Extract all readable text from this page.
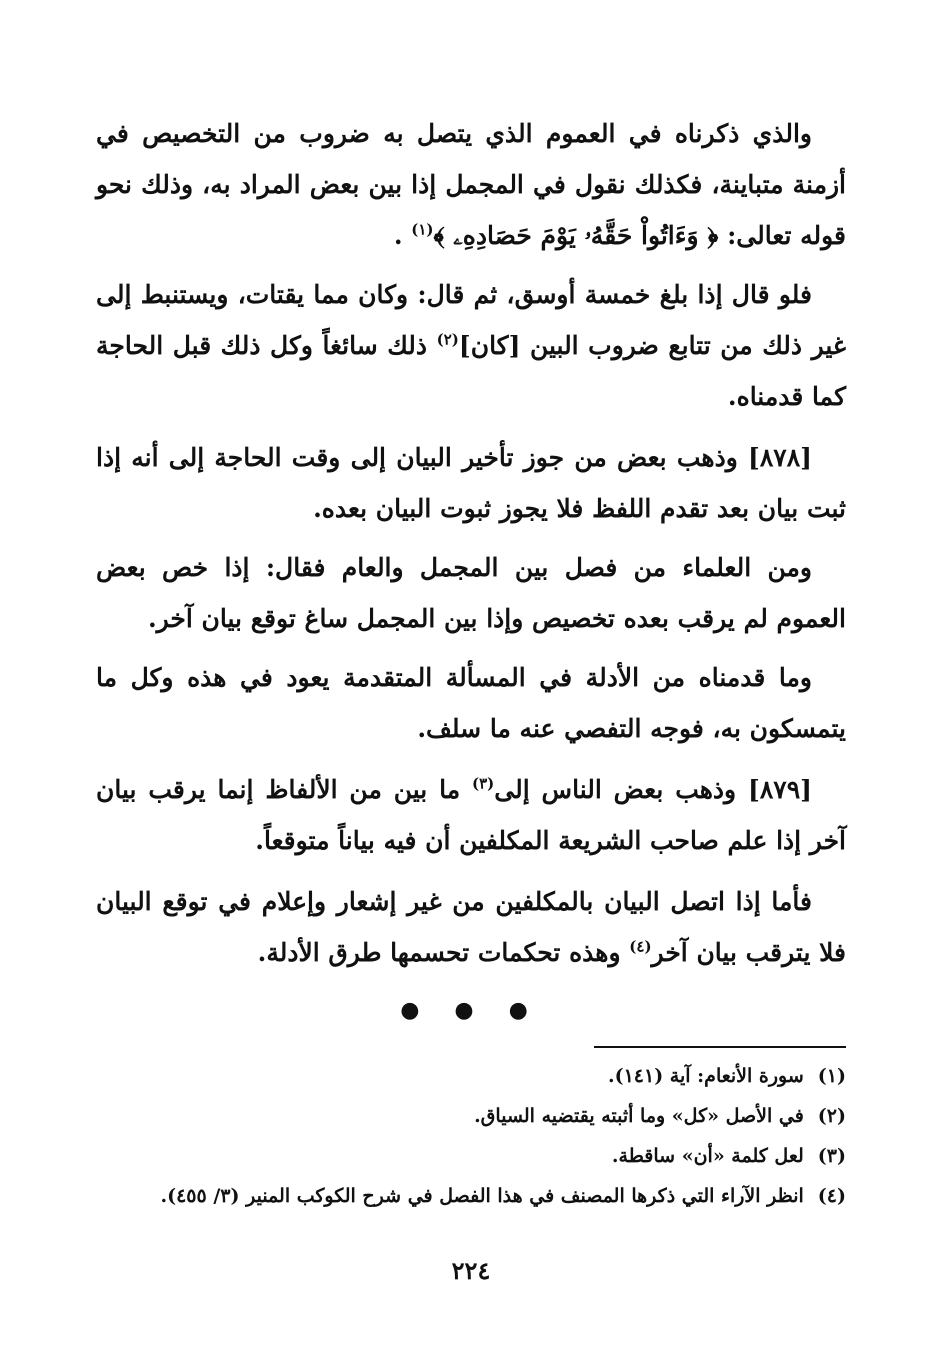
والذي ذكرناه في العموم الذي يتصل به ضروب من التخصيص في أزمنة متباينة، فكذلك نقول في المجمل إذا بين بعض المراد به، وذلك نحو قوله تعالى: ﴿ وَءَاتُواْ حَقَّهُۥ يَوْمَ حَصَادِهِۦ ﴾$^{(١)}$ .

فلو قال إذا بلغ خمسة أوسق، ثم قال: وكان مما يقتات، ويستنبط إلى غير ذلك من تتابع ضروب البين [كان]$^{(٢)}$ ذلك سائغاً وكل ذلك قبل الحاجة كما قدمناه.

[٨٧٨] وذهب بعض من جوز تأخير البيان إلى وقت الحاجة إلى أنه إذا ثبت بيان بعد تقدم اللفظ فلا يجوز ثبوت البيان بعده.

ومن العلماء من فصل بين المجمل والعام فقال: إذا خص بعض العموم لم يرقب بعده تخصيص وإذا بين المجمل ساغ توقع بيان آخر.

وما قدمناه من الأدلة في المسألة المتقدمة يعود في هذه وكل ما يتمسكون به، فوجه التفصي عنه ما سلف.

[٨٧٩] وذهب بعض الناس إلى$^{(٣)}$ ما بين من الألفاظ إنما يرقب بيان آخر إذا علم صاحب الشريعة المكلفين أن فيه بياناً متوقعاً.

فأما إذا اتصل البيان بالمكلفين من غير إشعار وإعلام في توقع البيان فلا يترقب بيان آخر$^{(٤)}$ وهذه تحكمات تحسمها طرق الأدلة.

● ● ●
(١)سورة الأنعام: آية (١٤١).
(٢)في الأصل «كل» وما أثبته يقتضيه السياق.
(٣)لعل كلمة «أن» ساقطة.
(٤)انظر الآراء التي ذكرها المصنف في هذا الفصل في شرح الكوكب المنير (٣/ ٤٥٥).
٢٢٤
